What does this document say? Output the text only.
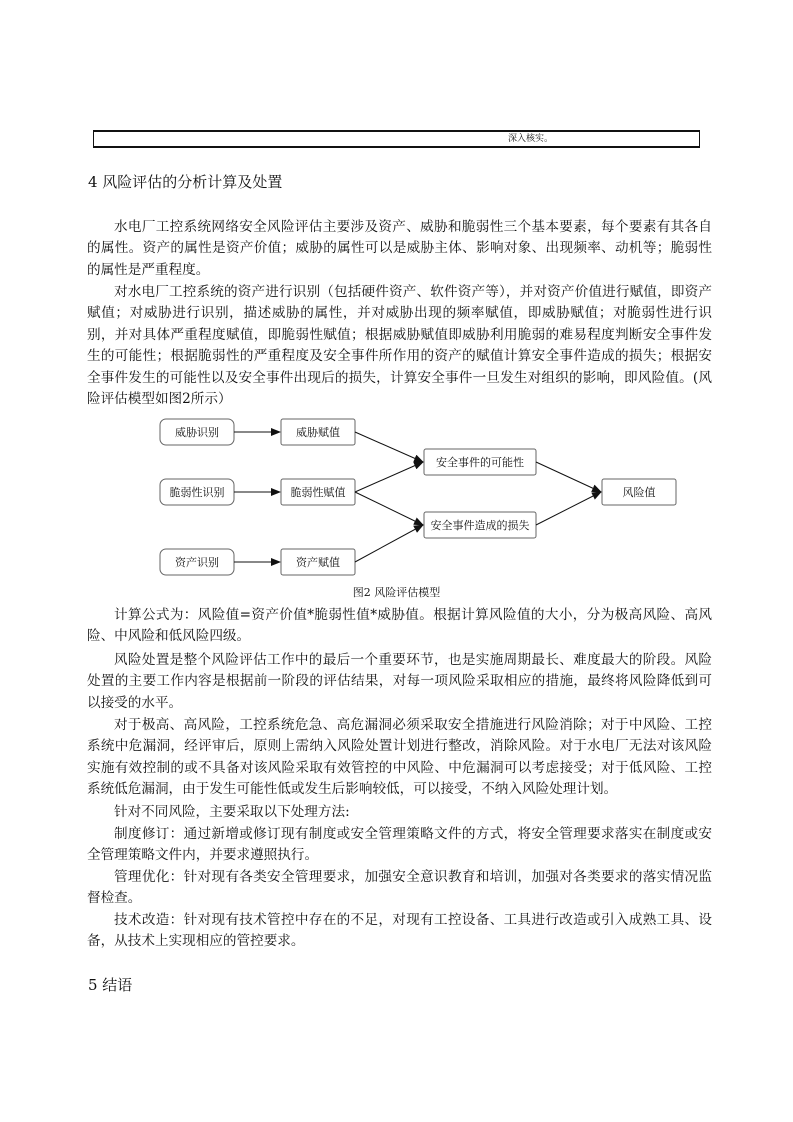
深入核实。
4 风险评估的分析计算及处置

水电厂工控系统网络安全风险评估主要涉及资产、威胁和脆弱性三个基本要素，每个要素有其各自的属性。资产的属性是资产价值；威胁的属性可以是威胁主体、影响对象、出现频率、动机等；脆弱性的属性是严重程度。

对水电厂工控系统的资产进行识别（包括硬件资产、软件资产等），并对资产价值进行赋值，即资产赋值；对威胁进行识别，描述威胁的属性，并对威胁出现的频率赋值，即威胁赋值；对脆弱性进行识别，并对具体严重程度赋值，即脆弱性赋值；根据威胁赋值即威胁利用脆弱的难易程度判断安全事件发生的可能性；根据脆弱性的严重程度及安全事件所作用的资产的赋值计算安全事件造成的损失；根据安全事件发生的可能性以及安全事件出现后的损失，计算安全事件一旦发生对组织的影响，即风险值。(风险评估模型如图2所示）

威胁识别	威胁赋值
脆弱性识别	脆弱性赋值
资产识别	资产赋值
安全事件的可能性
安全事件造成的损失
风险值
图2 风险评估模型

计算公式为：风险值=资产价值*脆弱性值*威胁值。根据计算风险值的大小，分为极高风险、高风险、中风险和低风险四级。

风险处置是整个风险评估工作中的最后一个重要环节，也是实施周期最长、难度最大的阶段。风险处置的主要工作内容是根据前一阶段的评估结果，对每一项风险采取相应的措施，最终将风险降低到可以接受的水平。

对于极高、高风险，工控系统危急、高危漏洞必须采取安全措施进行风险消除；对于中风险、工控系统中危漏洞，经评审后，原则上需纳入风险处置计划进行整改，消除风险。对于水电厂无法对该风险实施有效控制的或不具备对该风险采取有效管控的中风险、中危漏洞可以考虑接受；对于低风险、工控系统低危漏洞，由于发生可能性低或发生后影响较低，可以接受，不纳入风险处理计划。

针对不同风险，主要采取以下处理方法:

制度修订：通过新增或修订现有制度或安全管理策略文件的方式，将安全管理要求落实在制度或安全管理策略文件内，并要求遵照执行。

管理优化：针对现有各类安全管理要求，加强安全意识教育和培训，加强对各类要求的落实情况监督检查。

技术改造：针对现有技术管控中存在的不足，对现有工控设备、工具进行改造或引入成熟工具、设备，从技术上实现相应的管控要求。

5 结语
